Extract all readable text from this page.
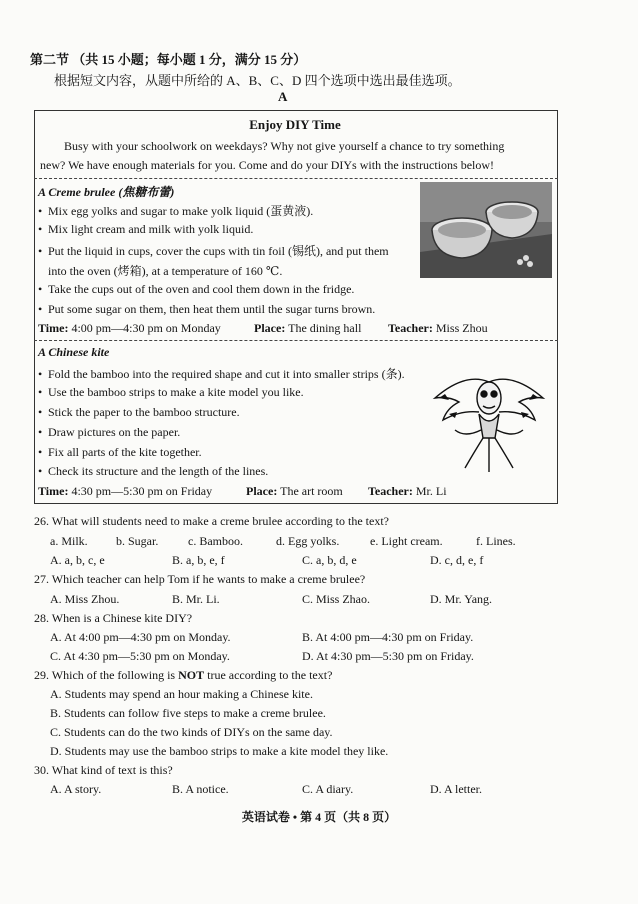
第二节 （共 15 小题；每小题 1 分，满分 15 分）
根据短文内容，从题中所给的 A、B、C、D 四个选项中选出最佳选项。
A
Enjoy DIY Time
Busy with your schoolwork on weekdays? Why not give yourself a chance to try something
new? We have enough materials for you. Come and do your DIYs with the instructions below!
A Creme brulee (焦糖布蕾)
• Mix egg yolks and sugar to make yolk liquid (蛋黄液).
• Mix light cream and milk with yolk liquid.
• Put the liquid in cups, cover the cups with tin foil (锡纸), and put them
into the oven (烤箱), at a temperature of 160 ℃.
• Take the cups out of the oven and cool them down in the fridge.
• Put some sugar on them, then heat them until the sugar turns brown.
Time: 4:00 pm—4:30 pm on Monday	Place: The dining hall Teacher: Miss Zhou
A Chinese kite
• Fold the bamboo into the required shape and cut it into smaller strips (条).
• Use the bamboo strips to make a kite model you like.
• Stick the paper to the bamboo structure.
• Draw pictures on the paper.
• Fix all parts of the kite together.
• Check its structure and the length of the lines.
Time: 4:30 pm—5:30 pm on Friday	Place: The art room Teacher: Mr. Li
26. What will students need to make a creme brulee according to the text?
a. Milk. b. Sugar. c. Bamboo.	d. Egg yolks.	e. Light cream.	f. Lines.
A. a, b, c, e	B. a, b, e, f	C. a, b, d, e	D. c, d, e, f
27. Which teacher can help Tom if he wants to make a creme brulee?
A. Miss Zhou.	B. Mr. Li.	C. Miss Zhao.	D. Mr. Yang.
28. When is a Chinese kite DIY?
A. At 4:00 pm—4:30 pm on Monday.	B. At 4:00 pm—4:30 pm on Friday.
C. At 4:30 pm—5:30 pm on Monday.	D. At 4:30 pm—5:30 pm on Friday.
29. Which of the following is NOT true according to the text?
A. Students may spend an hour making a Chinese kite.
B. Students can follow five steps to make a creme brulee.
C. Students can do the two kinds of DIYs on the same day.
D. Students may use the bamboo strips to make a kite model they like.
30. What kind of text is this?
A. A story.	B. A notice.	C. A diary.	D. A letter.
英语试卷 • 第 4 页（共 8 页）
